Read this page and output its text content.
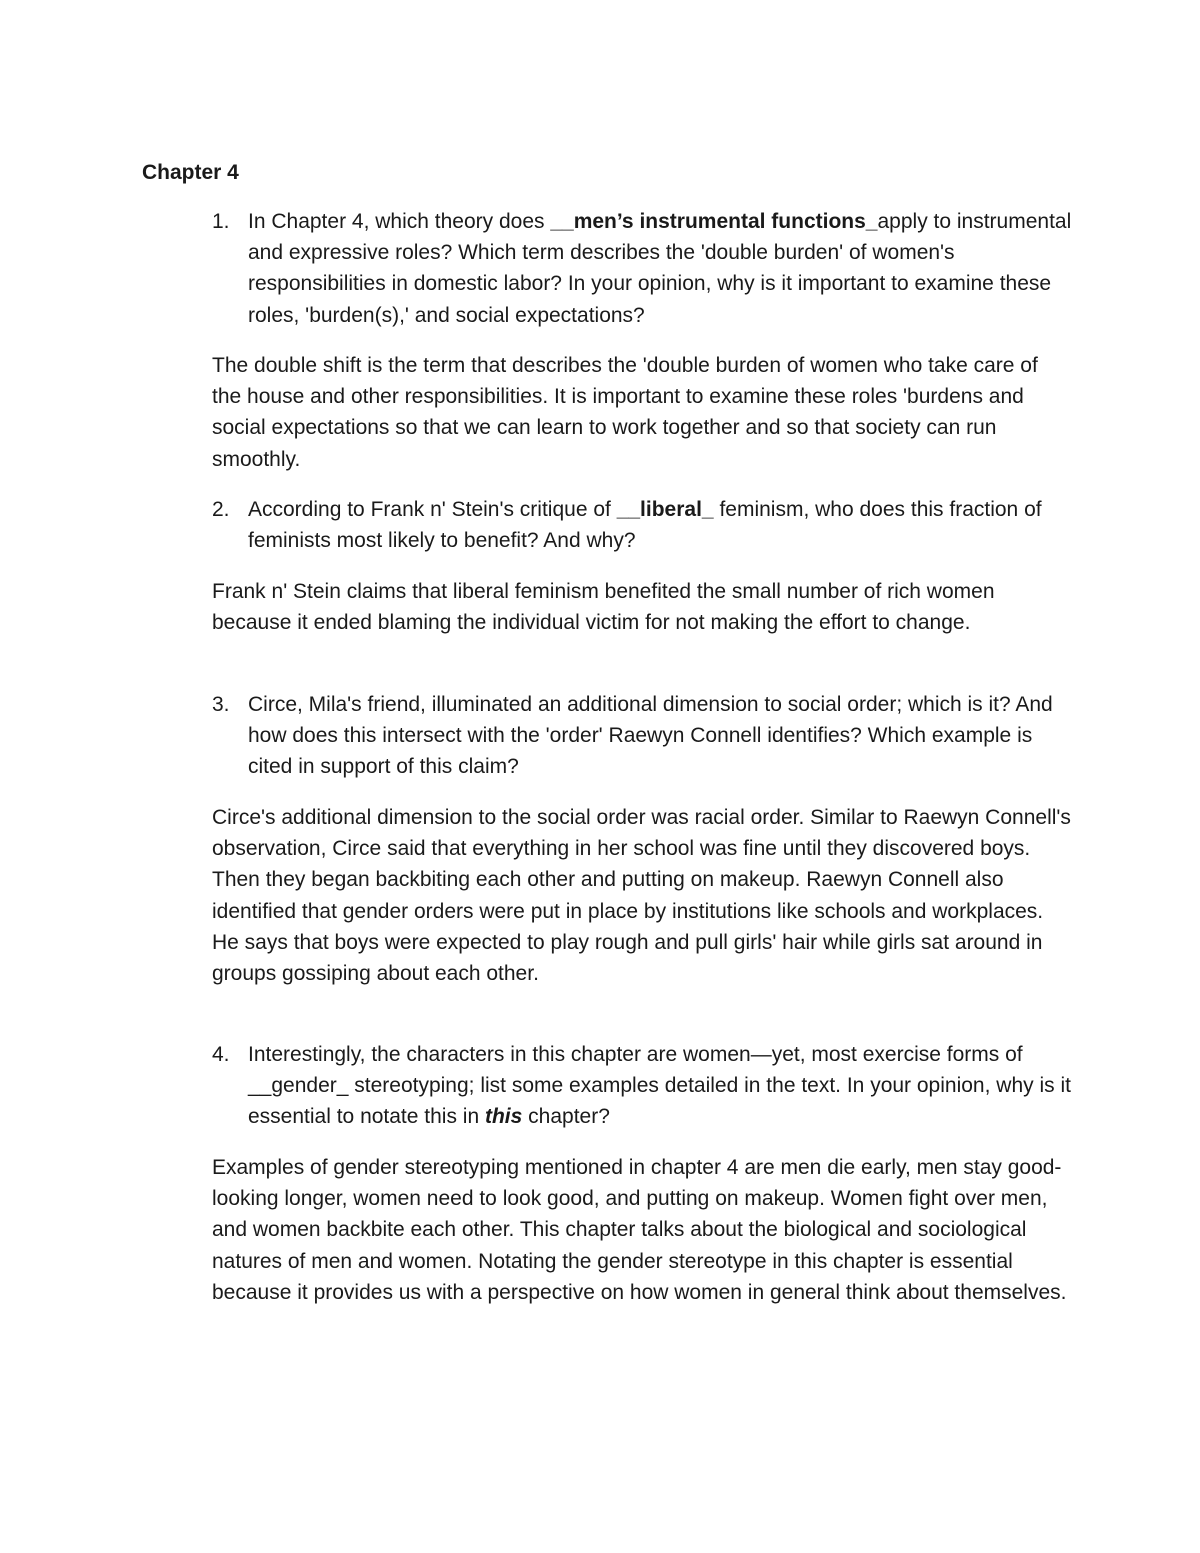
Chapter 4
1. In Chapter 4, which theory does __men’s instrumental functions_apply to instrumental and expressive roles? Which term describes the 'double burden' of women's responsibilities in domestic labor? In your opinion, why is it important to examine these roles, 'burden(s),' and social expectations?

The double shift is the term that describes the 'double burden of women who take care of the house and other responsibilities. It is important to examine these roles 'burdens and social expectations so that we can learn to work together and so that society can run smoothly.

2. According to Frank n' Stein's critique of __liberal_ feminism, who does this fraction of feminists most likely to benefit? And why?

Frank n' Stein claims that liberal feminism benefited the small number of rich women because it ended blaming the individual victim for not making the effort to change.

3. Circe, Mila's friend, illuminated an additional dimension to social order; which is it? And how does this intersect with the 'order' Raewyn Connell identifies? Which example is cited in support of this claim?

Circe's additional dimension to the social order was racial order. Similar to Raewyn Connell's observation, Circe said that everything in her school was fine until they discovered boys. Then they began backbiting each other and putting on makeup. Raewyn Connell also identified that gender orders were put in place by institutions like schools and workplaces. He says that boys were expected to play rough and pull girls' hair while girls sat around in groups gossiping about each other.

4. Interestingly, the characters in this chapter are women—yet, most exercise forms of __gender_ stereotyping; list some examples detailed in the text. In your opinion, why is it essential to notate this in this chapter?

Examples of gender stereotyping mentioned in chapter 4 are men die early, men stay good-looking longer, women need to look good, and putting on makeup. Women fight over men, and women backbite each other. This chapter talks about the biological and sociological natures of men and women. Notating the gender stereotype in this chapter is essential because it provides us with a perspective on how women in general think about themselves.
